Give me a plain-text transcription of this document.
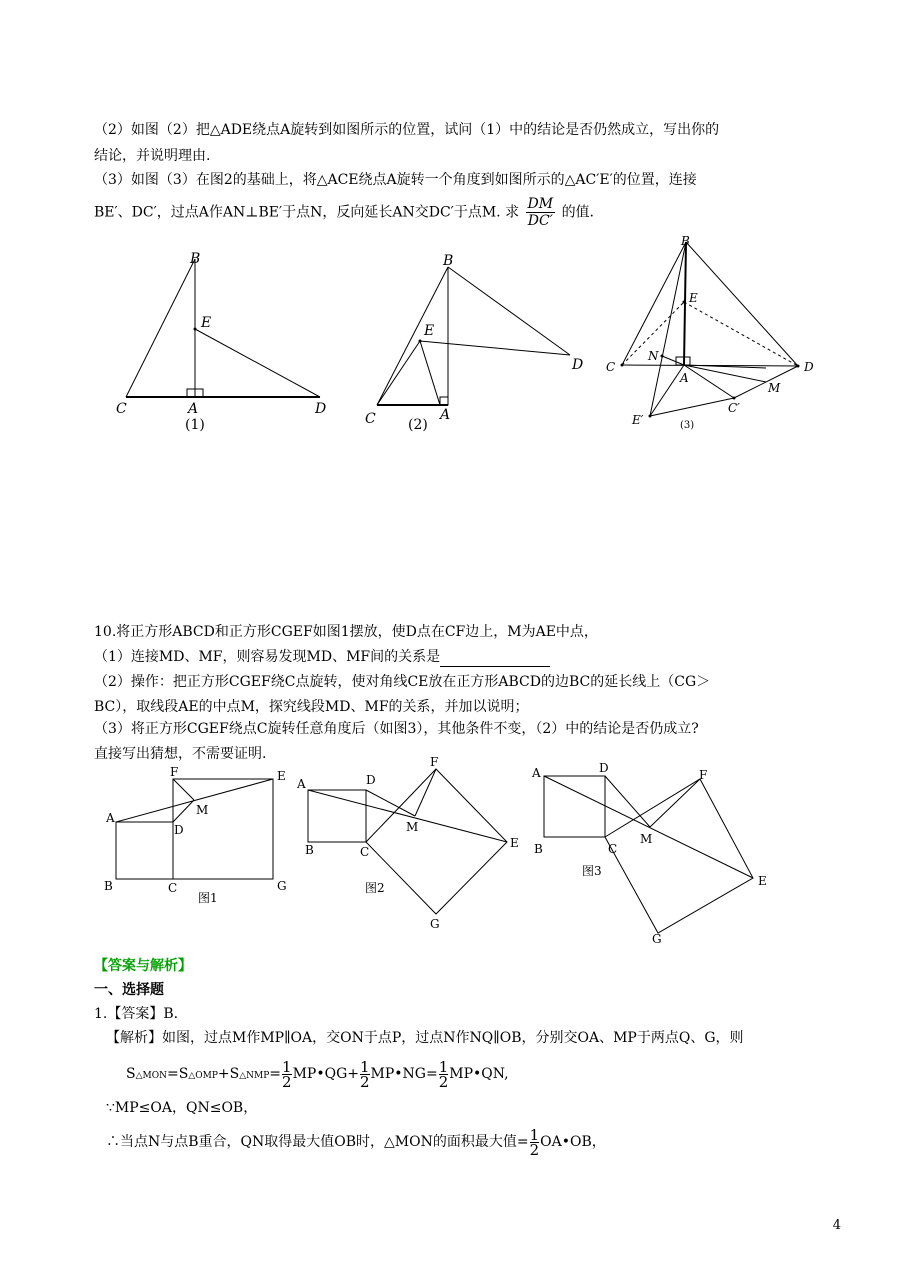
（2）如图（2）把△ADE绕点A旋转到如图所示的位置，试问（1）中的结论是否仍然成立，写出你的
结论，并说明理由.
（3）如图（3）在图2的基础上，将△ACE绕点A旋转一个角度到如图所示的△AC′E′的位置，连接
BE′、DC′，过点A作AN⊥BE′于点N，反向延长AN交DC′于点M. 求 $\frac{DM}{DC'}$ 的值.
B
E
C	A	D
(1)
B
E
D
C	A
(2)
B
E
N
C
A
D
M
E′
C′
(3)
10.将正方形ABCD和正方形CGEF如图1摆放，使D点在CF边上，M为AE中点，
（1）连接MD、MF，则容易发现MD、MF间的关系是
（2）操作：把正方形CGEF绕C点旋转，使对角线CE放在正方形ABCD的边BC的延长线上（CG＞
BC），取线段AE的中点M，探究线段MD、MF的关系，并加以说明；
（3）将正方形CGEF绕点C旋转任意角度后（如图3），其他条件不变，（2）中的结论是否仍成立?
直接写出猜想，不需要证明.
F	E
A
M
D
B	C	G
图1
A	D
F
M
E
B	C
G
图2
A	D	F
M
B	C
E
G
图3
【答案与解析】
一、选择题
1.【答案】B.
【解析】如图，过点M作MP∥OA，交ON于点P，过点N作NQ∥OB，分别交OA、MP于两点Q、G，则
S△MON=S△OMP+S△NMP= $\frac{1}{2}$ MP•QG+ $\frac{1}{2}$ MP•NG= $\frac{1}{2}$ MP•QN,
∵MP≤OA，QN≤OB，
∴当点N与点B重合，QN取得最大值OB时，△MON的面积最大值= $\frac{1}{2}$ OA•OB，
4
